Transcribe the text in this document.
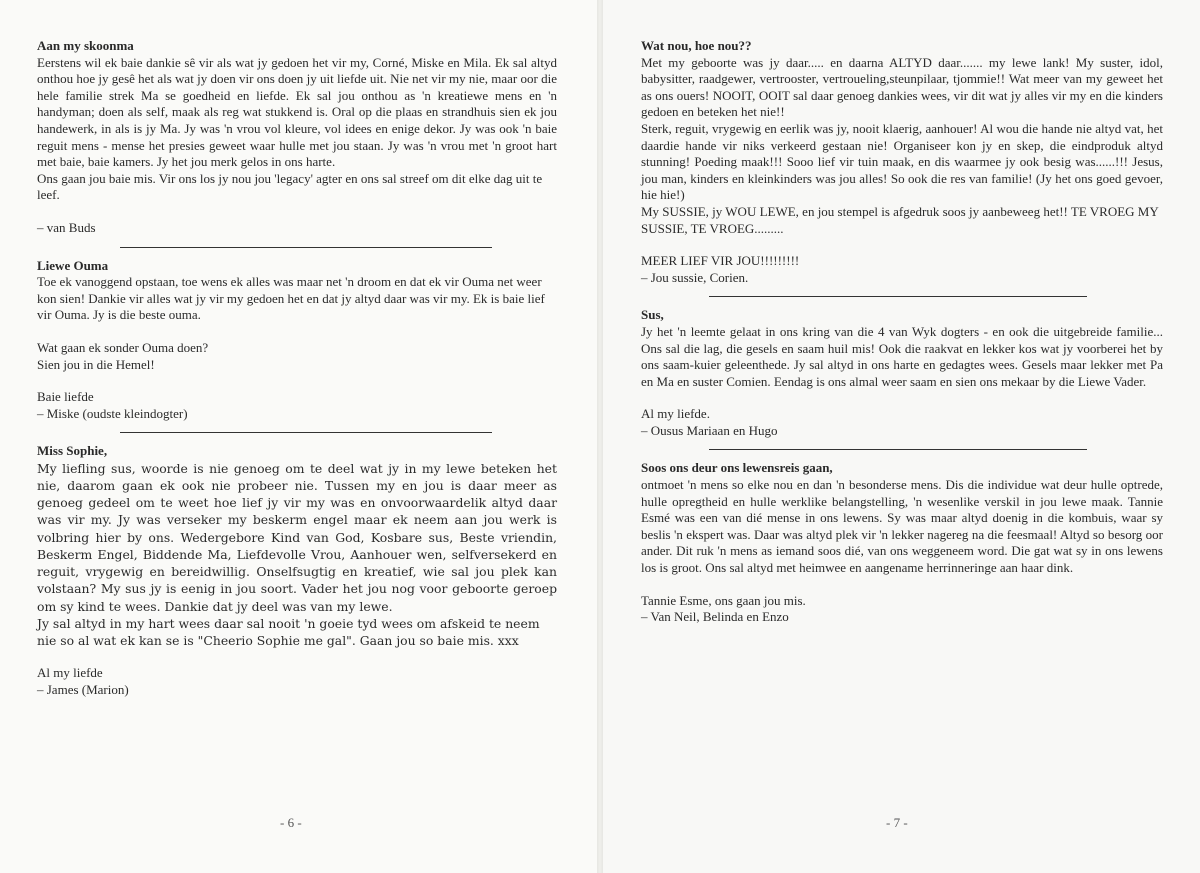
Aan my skoonma

Eerstens wil ek baie dankie sê vir als wat jy gedoen het vir my, Corné, Miske en Mila. Ek sal altyd onthou hoe jy gesê het als wat jy doen vir ons doen jy uit liefde uit. Nie net vir my nie, maar oor die hele familie strek Ma se goedheid en liefde. Ek sal jou onthou as 'n kreatiewe mens en 'n handyman; doen als self, maak als reg wat stukkend is. Oral op die plaas en strandhuis sien ek jou handewerk, in als is jy Ma. Jy was 'n vrou vol kleure, vol idees en enige dekor. Jy was ook 'n baie reguit mens - mense het presies geweet waar hulle met jou staan. Jy was 'n vrou met 'n groot hart met baie, baie kamers. Jy het jou merk gelos in ons harte.

Ons gaan jou baie mis. Vir ons los jy nou jou 'legacy' agter en ons sal streef om dit elke dag uit te leef.

– van Buds

Liewe Ouma

Toe ek vanoggend opstaan, toe wens ek alles was maar net 'n droom en dat ek vir Ouma net weer kon sien! Dankie vir alles wat jy vir my gedoen het en dat jy altyd daar was vir my. Ek is baie lief vir Ouma. Jy is die beste ouma.

Wat gaan ek sonder Ouma doen?

Sien jou in die Hemel!

Baie liefde

– Miske (oudste kleindogter)

Miss Sophie,

My liefling sus, woorde is nie genoeg om te deel wat jy in my lewe beteken het nie, daarom gaan ek ook nie probeer nie. Tussen my en jou is daar meer as genoeg gedeel om te weet hoe lief jy vir my was en onvoorwaardelik altyd daar was vir my. Jy was verseker my beskerm engel maar ek neem aan jou werk is volbring hier by ons. Wedergebore Kind van God, Kosbare sus, Beste vriendin, Beskerm Engel, Biddende Ma, Liefdevolle Vrou, Aanhouer wen, selfversekerd en reguit, vrygewig en bereidwillig. Onselfsugtig en kreatief, wie sal jou plek kan volstaan? My sus jy is eenig in jou soort. Vader het jou nog voor geboorte geroep om sy kind te wees. Dankie dat jy deel was van my lewe.

Jy sal altyd in my hart wees daar sal nooit 'n goeie tyd wees om afskeid te neem nie so al wat ek kan se is "Cheerio Sophie me gal". Gaan jou so baie mis. xxx

Al my liefde

– James (Marion)

- 6 -

Wat nou, hoe nou??

Met my geboorte was jy daar..... en daarna ALTYD daar....... my lewe lank! My suster, idol, babysitter, raadgewer, vertrooster, vertroueling,steunpilaar, tjommie!! Wat meer van my geweet het as ons ouers! NOOIT, OOIT sal daar genoeg dankies wees, vir dit wat jy alles vir my en die kinders gedoen en beteken het nie!!

Sterk, reguit, vrygewig en eerlik was jy, nooit klaerig, aanhouer! Al wou die hande nie altyd vat, het daardie hande vir niks verkeerd gestaan nie! Organiseer kon jy en skep, die eindproduk altyd stunning! Poeding maak!!! Sooo lief vir tuin maak, en dis waarmee jy ook besig was......!!! Jesus, jou man, kinders en kleinkinders was jou alles! So ook die res van familie! (Jy het ons goed gevoer, hie hie!)

My SUSSIE, jy WOU LEWE, en jou stempel is afgedruk soos jy aanbeweeg het!! TE VROEG MY SUSSIE, TE VROEG.........

MEER LIEF VIR JOU!!!!!!!!!

– Jou sussie, Corien.

Sus,

Jy het 'n leemte gelaat in ons kring van die 4 van Wyk dogters - en ook die uitgebreide familie... Ons sal die lag, die gesels en saam huil mis! Ook die raakvat en lekker kos wat jy voorberei het by ons saam-kuier geleenthede. Jy sal altyd in ons harte en gedagtes wees. Gesels maar lekker met Pa en Ma en suster Comien. Eendag is ons almal weer saam en sien ons mekaar by die Liewe Vader.

Al my liefde.

– Ousus Mariaan en Hugo

Soos ons deur ons lewensreis gaan,

ontmoet 'n mens so elke nou en dan 'n besonderse mens. Dis die individue wat deur hulle optrede, hulle opregtheid en hulle werklike belangstelling, 'n wesenlike verskil in jou lewe maak. Tannie Esmé was een van dié mense in ons lewens. Sy was maar altyd doenig in die kombuis, waar sy beslis 'n ekspert was. Daar was altyd plek vir 'n lekker nagereg na die feesmaal! Altyd so besorg oor ander. Dit ruk 'n mens as iemand soos dié, van ons weggeneem word. Die gat wat sy in ons lewens los is groot. Ons sal altyd met heimwee en aangename herrinneringe aan haar dink.

Tannie Esme, ons gaan jou mis.

– Van Neil, Belinda en Enzo

- 7 -
